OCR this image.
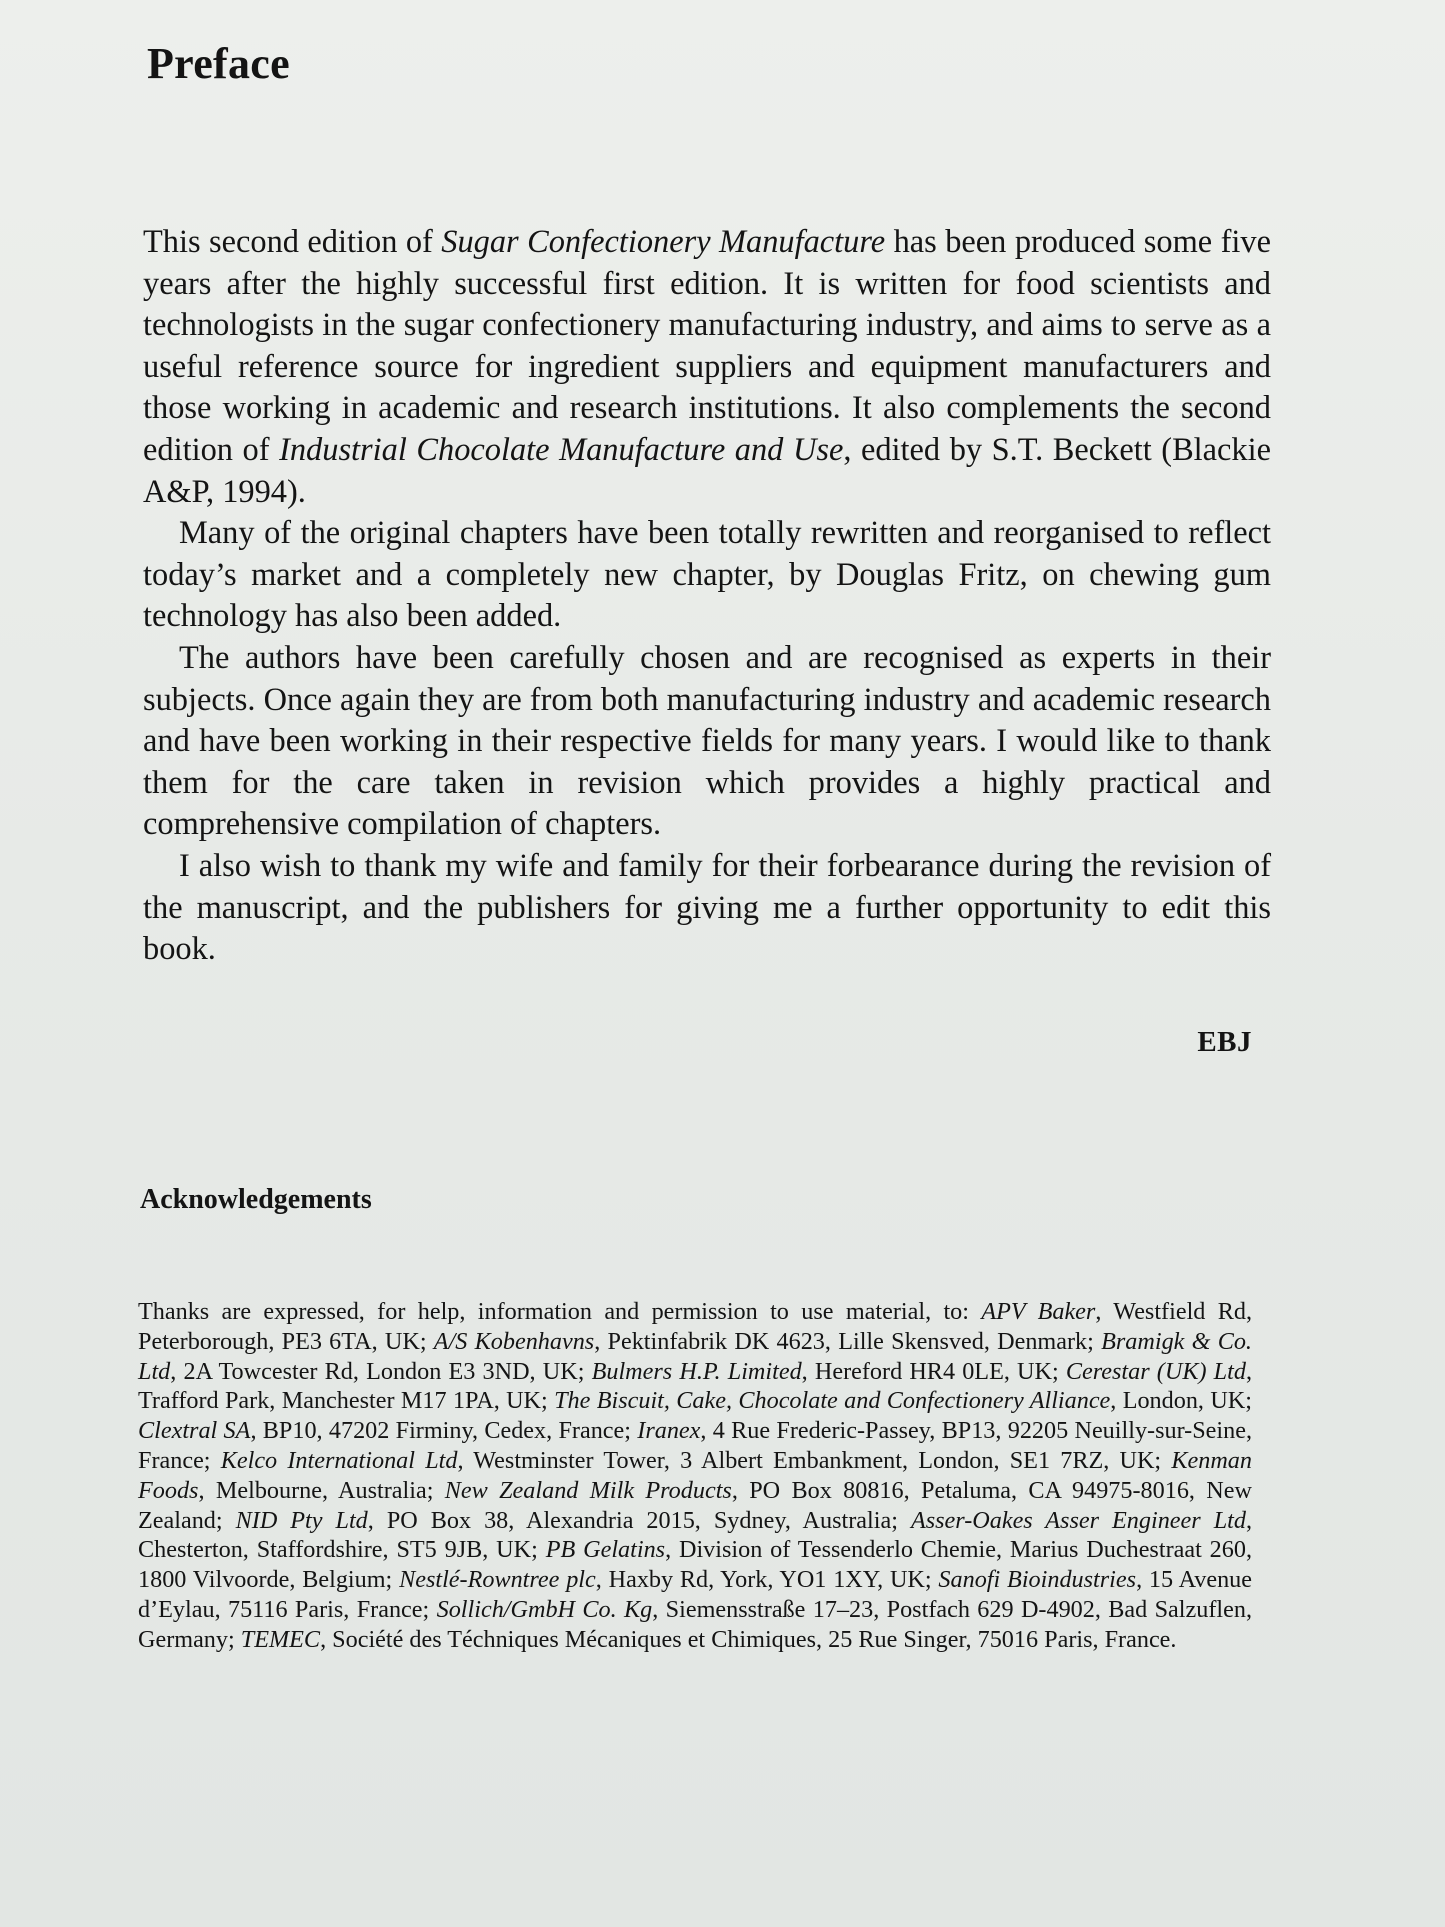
Preface

This second edition of Sugar Confectionery Manufacture has been produced some five years after the highly successful first edition. It is written for food scientists and technologists in the sugar confectionery manufacturing industry, and aims to serve as a useful reference source for ingredient suppliers and equipment manufacturers and those working in academic and research institutions. It also complements the second edition of Industrial Chocolate Manufacture and Use, edited by S.T. Beckett (Blackie A&P, 1994).

Many of the original chapters have been totally rewritten and reorganised to reflect today’s market and a completely new chapter, by Douglas Fritz, on chewing gum technology has also been added.

The authors have been carefully chosen and are recognised as experts in their subjects. Once again they are from both manufacturing industry and academic research and have been working in their respective fields for many years. I would like to thank them for the care taken in revision which provides a highly practical and comprehensive compilation of chapters.

I also wish to thank my wife and family for their forbearance during the revision of the manuscript, and the publishers for giving me a further opportunity to edit this book.

EBJ
Acknowledgements

Thanks are expressed, for help, information and permission to use material, to: APV Baker, Westfield Rd, Peterborough, PE3 6TA, UK; A/S Kobenhavns, Pektinfabrik DK 4623, Lille Skensved, Denmark; Bramigk & Co. Ltd, 2A Towcester Rd, London E3 3ND, UK; Bulmers H.P. Limited, Hereford HR4 0LE, UK; Cerestar (UK) Ltd, Trafford Park, Manchester M17 1PA, UK; The Biscuit, Cake, Chocolate and Confectionery Alliance, London, UK; Clextral SA, BP10, 47202 Firminy, Cedex, France; Iranex, 4 Rue Frederic-Passey, BP13, 92205 Neuilly-sur-Seine, France; Kelco International Ltd, Westminster Tower, 3 Albert Embankment, London, SE1 7RZ, UK; Kenman Foods, Melbourne, Australia; New Zealand Milk Products, PO Box 80816, Petaluma, CA 94975-8016, New Zealand; NID Pty Ltd, PO Box 38, Alexandria 2015, Sydney, Australia; Asser-Oakes Asser Engineer Ltd, Chesterton, Staffordshire, ST5 9JB, UK; PB Gelatins, Division of Tessenderlo Chemie, Marius Duchestraat 260, 1800 Vilvoorde, Belgium; Nestlé-Rowntree plc, Haxby Rd, York, YO1 1XY, UK; Sanofi Bioindustries, 15 Avenue d’Eylau, 75116 Paris, France; Sollich/GmbH Co. Kg, Siemensstraße 17–23, Postfach 629 D-4902, Bad Salzuflen, Germany; TEMEC, Société des Téchniques Mécaniques et Chimiques, 25 Rue Singer, 75016 Paris, France.
